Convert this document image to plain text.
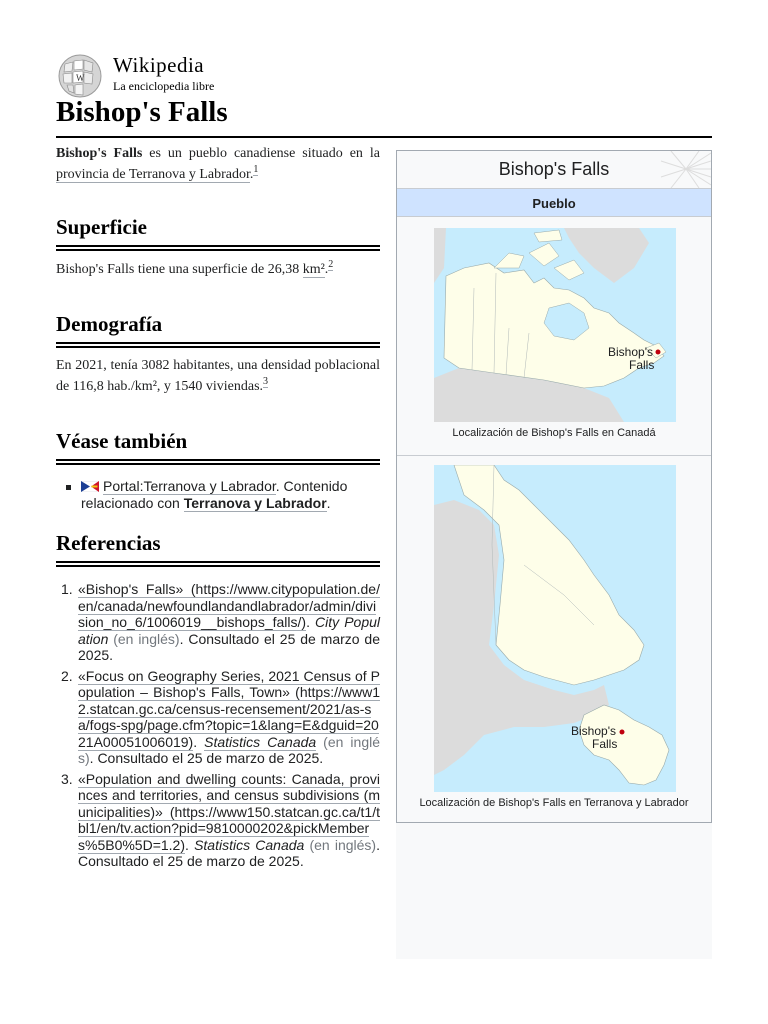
W
Wikipedia
La enciclopedia libre
Bishop's Falls

Bishop's Falls es un pueblo canadiense situado en la provincia de Terranova y Labrador.$^1$

Superficie

Bishop's Falls tiene una superficie de 26,38 km².$^2$

Demografía

En 2021, tenía 3082 habitantes, una densidad poblacional de 116,8 hab./km², y 1540 viviendas.$^3$

Véase también
Portal:Terranova y Labrador. Contenido relacionado con Terranova y Labrador.
Referencias
1. «Bishop's Falls» (https://www.citypopulation.de/en/canada/newfoundlandandlabrador/admin/division_no_6/1006019__bishops_falls/). City Population (en inglés). Consultado el 25 de marzo de 2025.
2. «Focus on Geography Series, 2021 Census of Population – Bishop's Falls, Town» (https://www12.statcan.gc.ca/census-recensement/2021/as-sa/fogs-spg/page.cfm?topic=1&lang=E&dguid=2021A00051006019). Statistics Canada (en inglés). Consultado el 25 de marzo de 2025.
3. «Population and dwelling counts: Canada, provinces and territories, and census subdivisions (municipalities)» (https://www150.statcan.gc.ca/t1/tbl1/en/tv.action?pid=9810000202&pickMembers%5B0%5D=1.2). Statistics Canada (en inglés). Consultado el 25 de marzo de 2025.
Bishop's Falls
Pueblo
Bishop's
Falls
Localización de Bishop's Falls en Canadá
Bishop's
Falls
Localización de Bishop's Falls en Terranova y Labrador
